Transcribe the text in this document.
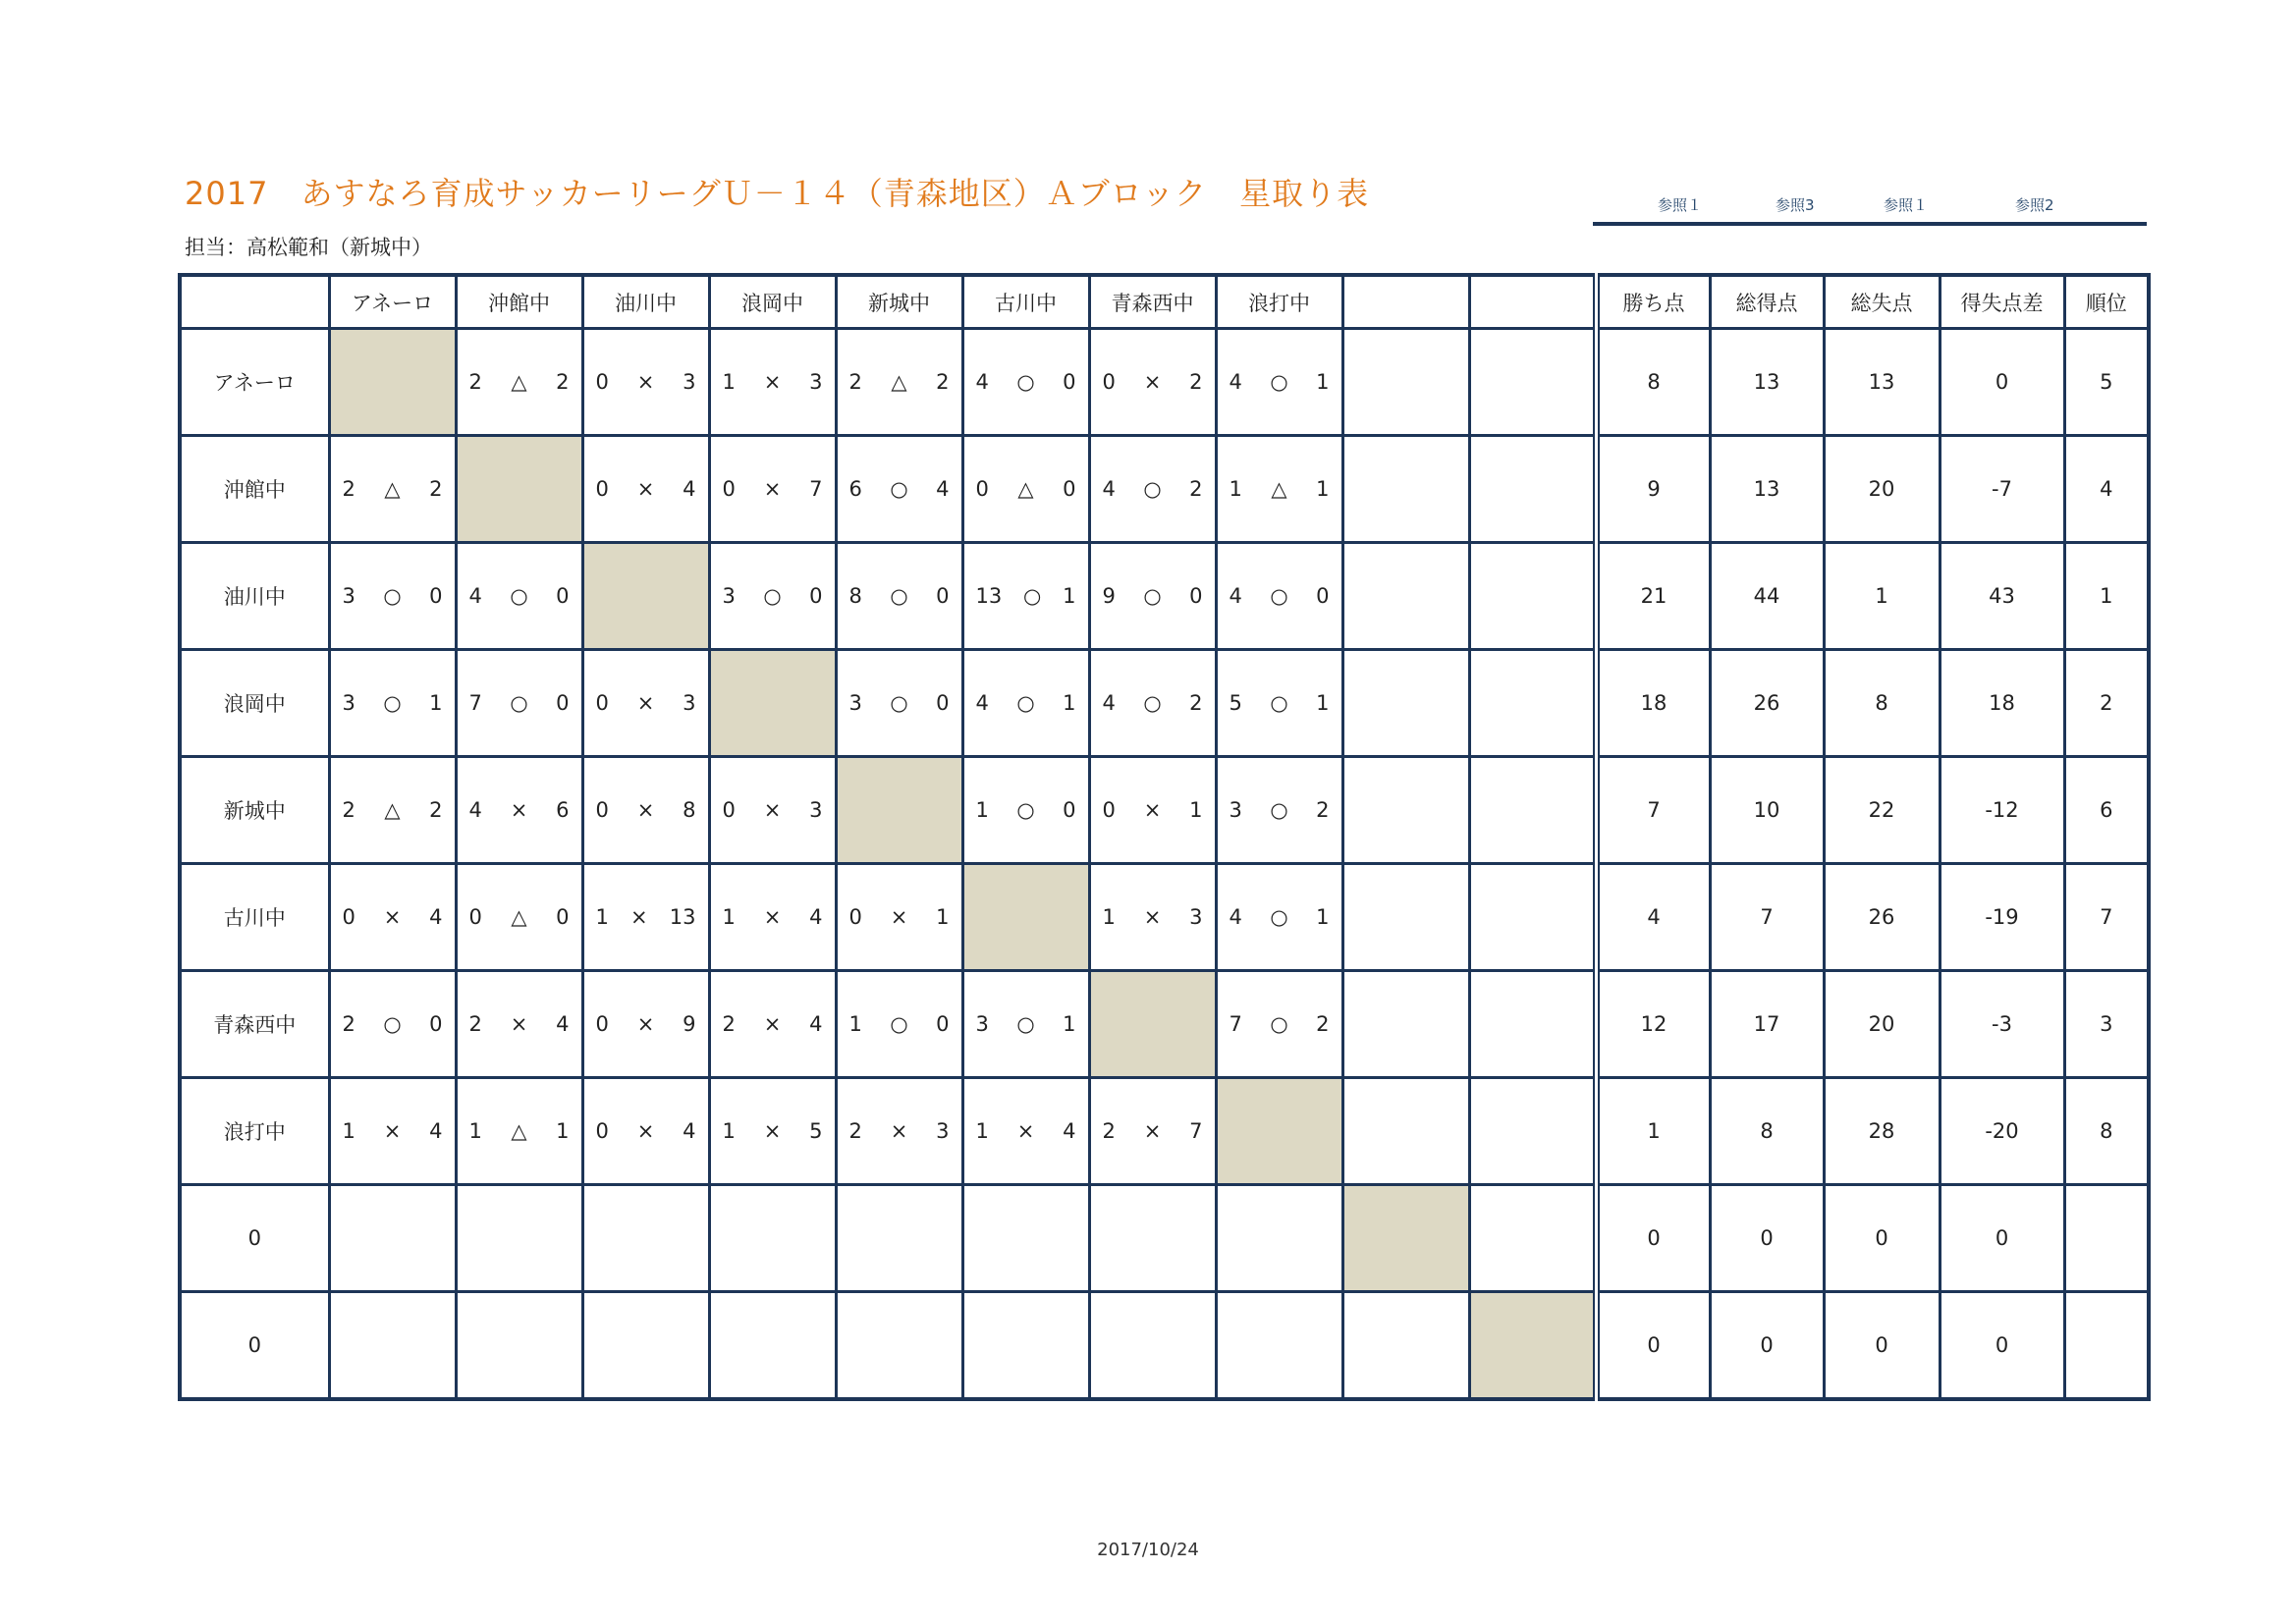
2017　あすなろ育成サッカーリーグＵ－１４（青森地区）Ａブロック　星取り表
担当：高松範和（新城中）
参照１	参照3	参照１	参照2
	アネーロ	沖館中	油川中	浪岡中	新城中	古川中	青森西中	浪打中			勝ち点	総得点	総失点	得失点差	順位
アネーロ		2 △ 2	0 × 3	1 × 3	2 △ 2	4 ○ 0	0 × 2	4 ○ 1			8	13	13	0	5
沖館中	2 △ 2		0 × 4	0 × 7	6 ○ 4	0 △ 0	4 ○ 2	1 △ 1			9	13	20	-7	4
油川中	3 ○ 0	4 ○ 0		3 ○ 0	8 ○ 0	13 ○ 1	9 ○ 0	4 ○ 0			21	44	1	43	1
浪岡中	3 ○ 1	7 ○ 0	0 × 3		3 ○ 0	4 ○ 1	4 ○ 2	5 ○ 1			18	26	8	18	2
新城中	2 △ 2	4 × 6	0 × 8	0 × 3		1 ○ 0	0 × 1	3 ○ 2			7	10	22	-12	6
古川中	0 × 4	0 △ 0	1 × 13	1 × 4	0 × 1		1 × 3	4 ○ 1			4	7	26	-19	7
青森西中	2 ○ 0	2 × 4	0 × 9	2 × 4	1 ○ 0	3 ○ 1		7 ○ 2			12	17	20	-3	3
浪打中	1 × 4	1 △ 1	0 × 4	1 × 5	2 × 3	1 × 4	2 × 7				1	8	28	-20	8
0											0	0	0	0	
0											0	0	0	0	
2017/10/24
